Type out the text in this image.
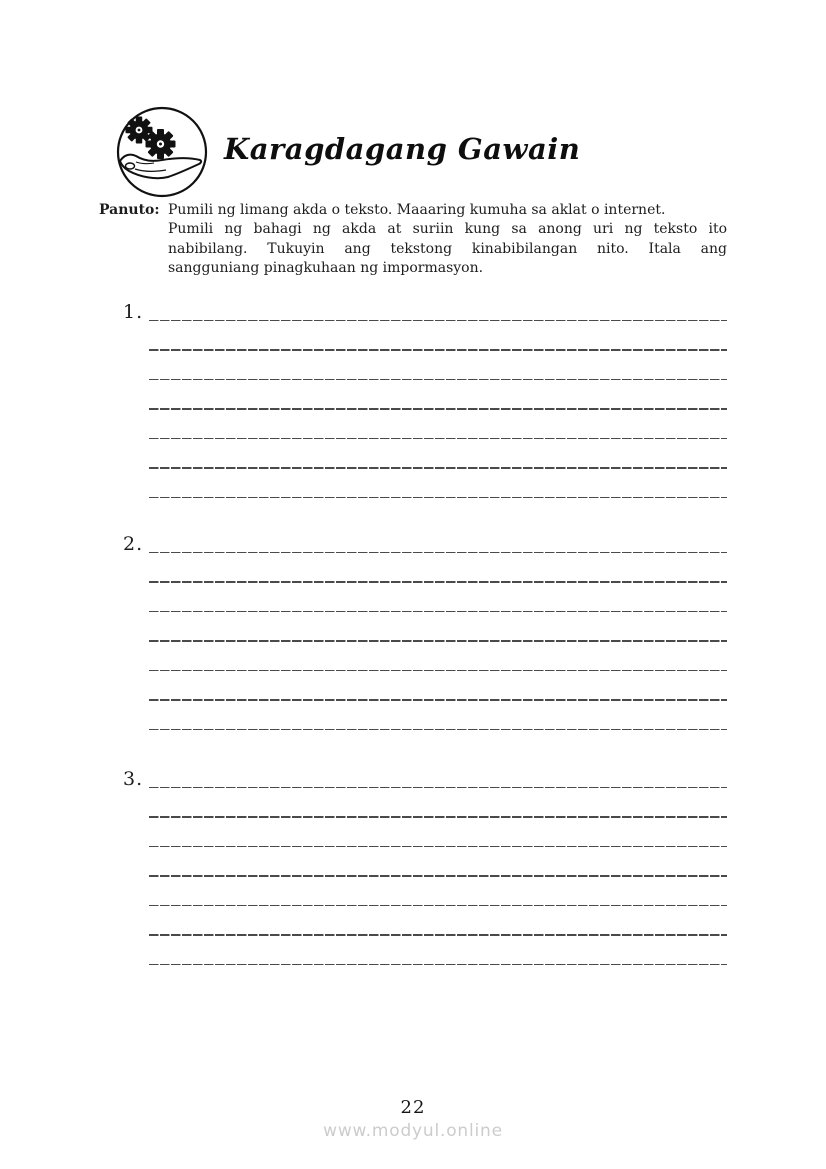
Karagdagang Gawain
Panuto: Pumili ng limang akda o teksto. Maaaring kumuha sa aklat o internet.
Pumili ng bahagi ng akda at suriin kung sa anong uri ng teksto ito
nabibilang. Tukuyin ang tekstong kinabibilangan nito. Itala ang
sangguniang pinagkuhaan ng impormasyon.
1.
2.
3.
22
www.modyul.online
